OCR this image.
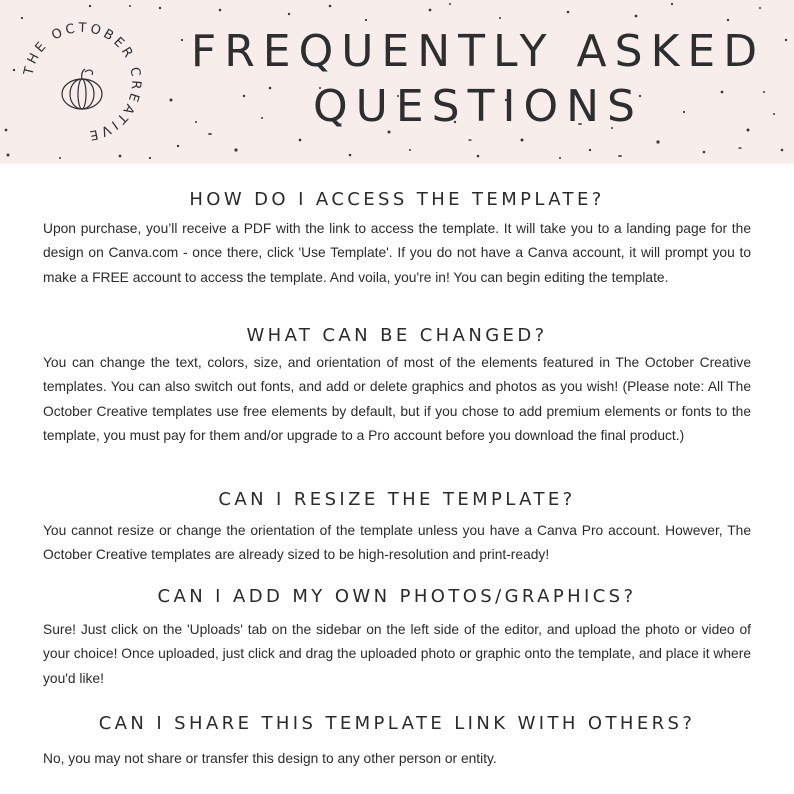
THE OCTOBER CREATIVE
FREQUENTLY ASKED
QUESTIONS
HOW DO I ACCESS THE TEMPLATE?

Upon purchase, you’ll receive a PDF with the link to access the template. It will take you to a landing page for the design on Canva.com - once there, click 'Use Template'. If you do not have a Canva account, it will prompt you to make a FREE account to access the template. And voila, you're in! You can begin editing the template.

WHAT CAN BE CHANGED?

You can change the text, colors, size, and orientation of most of the elements featured in The October Creative templates. You can also switch out fonts, and add or delete graphics and photos as you wish! (Please note: All The October Creative templates use free elements by default, but if you chose to add premium elements or fonts to the template, you must pay for them and/or upgrade to a Pro account before you download the final product.)

CAN I RESIZE THE TEMPLATE?

You cannot resize or change the orientation of the template unless you have a Canva Pro account. However, The October Creative templates are already sized to be high-resolution and print-ready!

CAN I ADD MY OWN PHOTOS/GRAPHICS?

Sure! Just click on the 'Uploads' tab on the sidebar on the left side of the editor, and upload the photo or video of your choice! Once uploaded, just click and drag the uploaded photo or graphic onto the template, and place it where you'd like!

CAN I SHARE THIS TEMPLATE LINK WITH OTHERS?

No, you may not share or transfer this design to any other person or entity.
